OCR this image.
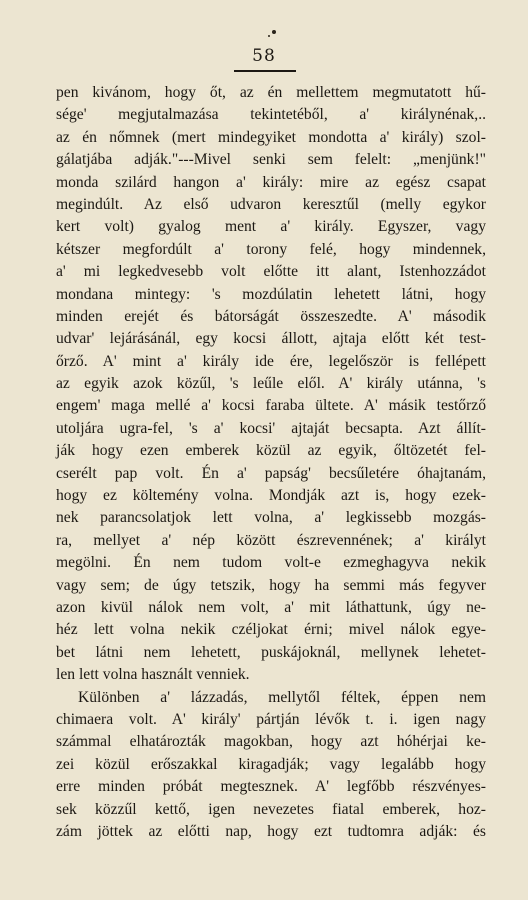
58
pen kivánom, hogy őt, az én mellettem megmutatott hű-
sége' megjutalmazása tekintetéből, a' királynénak,..
az én nőmnek (mert mindegyiket mondotta a' király) szol-
gálatjába adják."---Mivel senki sem felelt: „menjünk!"
monda szilárd hangon a' király: mire az egész csapat
megindúlt. Az első udvaron keresztűl (melly egykor
kert volt) gyalog ment a' király. Egyszer, vagy
kétszer megfordúlt a' torony felé, hogy mindennek,
a' mi legkedvesebb volt előtte itt alant, Istenhozzádot
mondana mintegy: 's mozdúlatin lehetett látni, hogy
minden erejét és bátorságát összeszedte. A' második
udvar' lejárásánál, egy kocsi állott, ajtaja előtt két test-
őrző. A' mint a' király ide ére, legelőször is fellépett
az egyik azok közűl, 's leűle elől. A' király utánna, 's
engem' maga mellé a' kocsi faraba ültete. A' másik testőrző
utoljára ugra-fel, 's a' kocsi' ajtaját becsapta. Azt állít-
ják hogy ezen emberek közül az egyik, őltözetét fel-
cserélt pap volt. Én a' papság' becsűletére óhajtanám,
hogy ez költemény volna. Mondják azt is, hogy ezek-
nek parancsolatjok lett volna, a' legkissebb mozgás-
ra, mellyet a' nép között észrevennének; a' királyt
megölni. Én nem tudom volt-e ezmeghagyva nekik
vagy sem; de úgy tetszik, hogy ha semmi más fegyver
azon kivül nálok nem volt, a' mit láthattunk, úgy ne-
héz lett volna nekik czéljokat érni; mivel nálok egye-
bet látni nem lehetett, puskájoknál, mellynek lehetet-
len lett volna használt venniek.
Különben a' lázzadás, mellytől féltek, éppen nem
chimaera volt. A' király' pártján lévők t. i. igen nagy
számmal elhatározták magokban, hogy azt hóhérjai ke-
zei közül erőszakkal kiragadják; vagy legalább hogy
erre minden próbát megtesznek. A' legfőbb részvényes-
sek közzűl kettő, igen nevezetes fiatal emberek, hoz-
zám jöttek az előtti nap, hogy ezt tudtomra adják: és
